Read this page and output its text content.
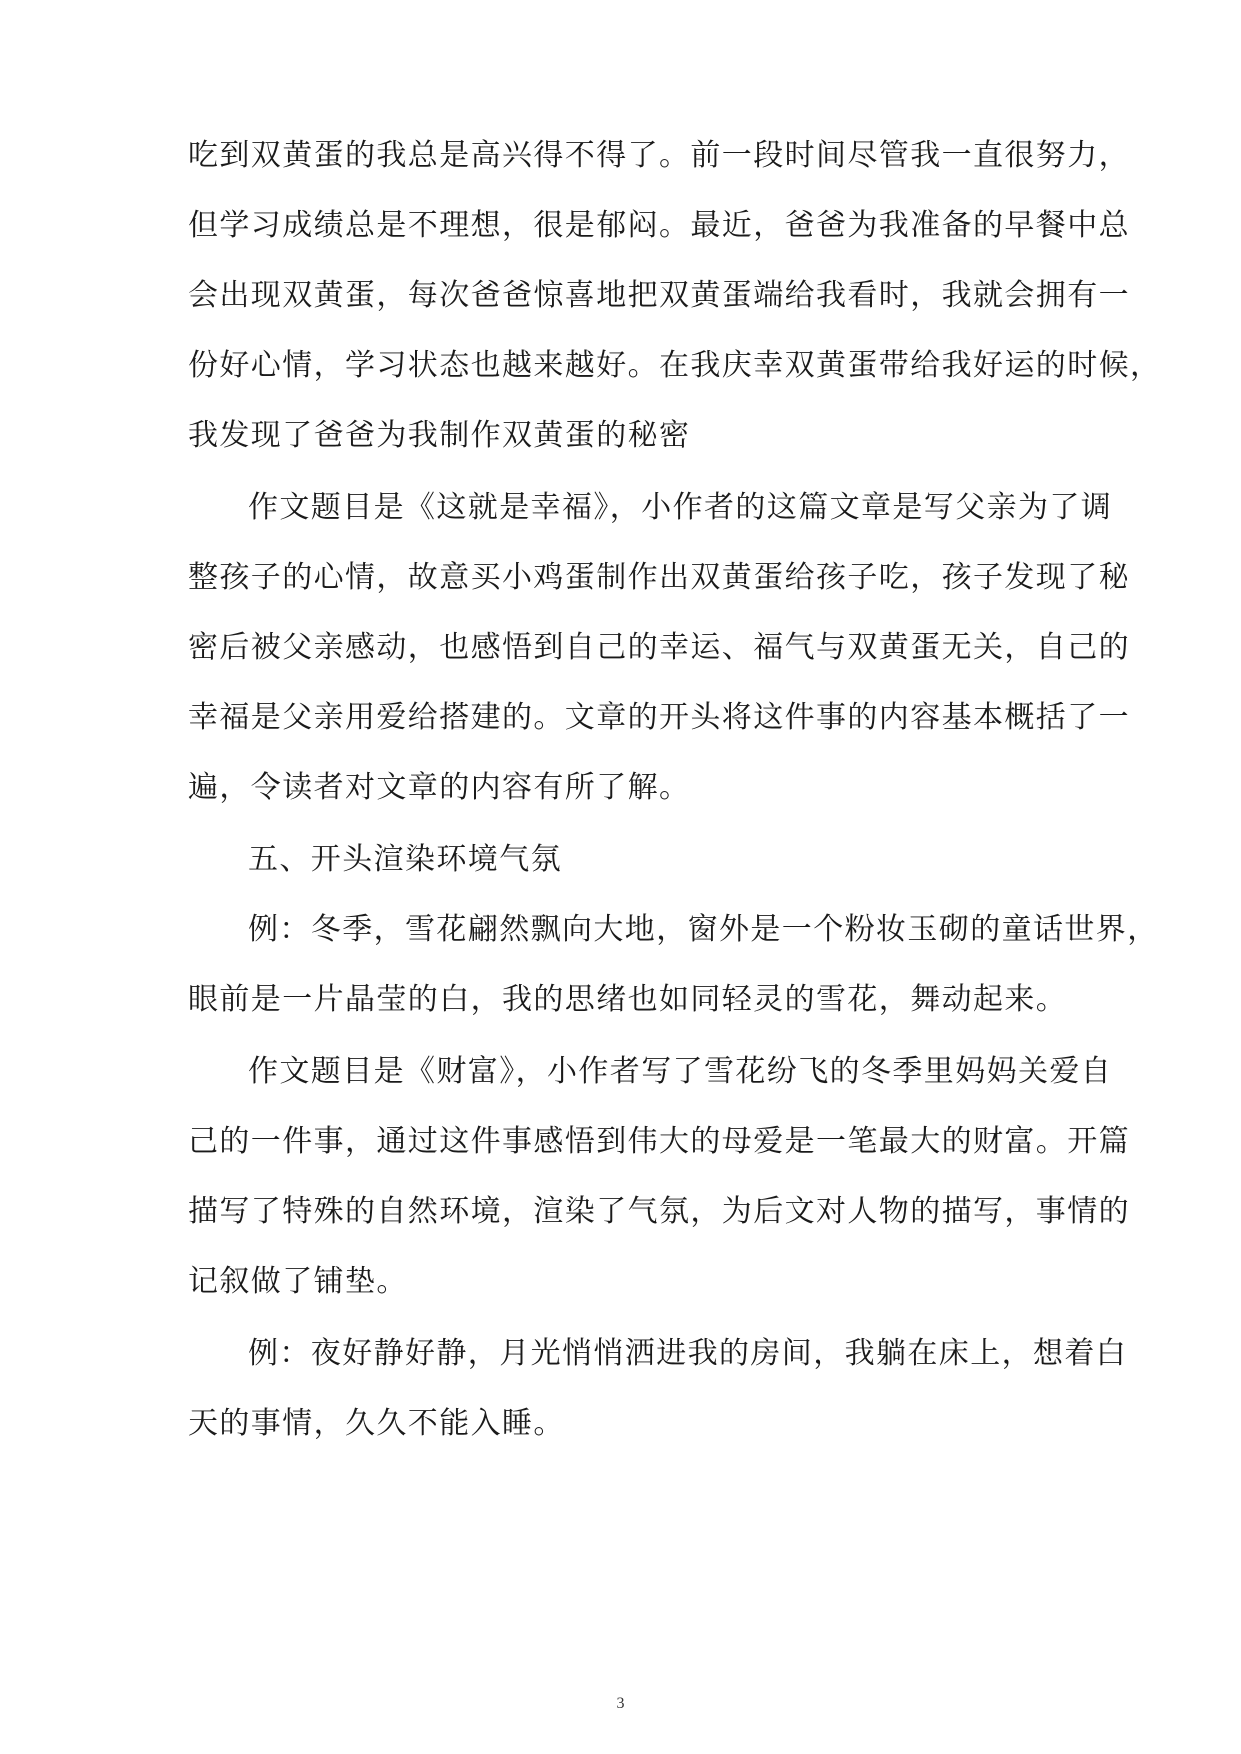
吃到双黄蛋的我总是高兴得不得了。前一段时间尽管我一直很努力，
但学习成绩总是不理想，很是郁闷。最近，爸爸为我准备的早餐中总
会出现双黄蛋，每次爸爸惊喜地把双黄蛋端给我看时，我就会拥有一
份好心情，学习状态也越来越好。在我庆幸双黄蛋带给我好运的时候，
我发现了爸爸为我制作双黄蛋的秘密
作文题目是《这就是幸福》，小作者的这篇文章是写父亲为了调
整孩子的心情，故意买小鸡蛋制作出双黄蛋给孩子吃，孩子发现了秘
密后被父亲感动，也感悟到自己的幸运、福气与双黄蛋无关，自己的
幸福是父亲用爱给搭建的。文章的开头将这件事的内容基本概括了一
遍，令读者对文章的内容有所了解。
五、开头渲染环境气氛
例：冬季，雪花翩然飘向大地，窗外是一个粉妆玉砌的童话世界，
眼前是一片晶莹的白，我的思绪也如同轻灵的雪花，舞动起来。
作文题目是《财富》，小作者写了雪花纷飞的冬季里妈妈关爱自
己的一件事，通过这件事感悟到伟大的母爱是一笔最大的财富。开篇
描写了特殊的自然环境，渲染了气氛，为后文对人物的描写，事情的
记叙做了铺垫。
例：夜好静好静，月光悄悄洒进我的房间，我躺在床上，想着白
天的事情，久久不能入睡。
3
